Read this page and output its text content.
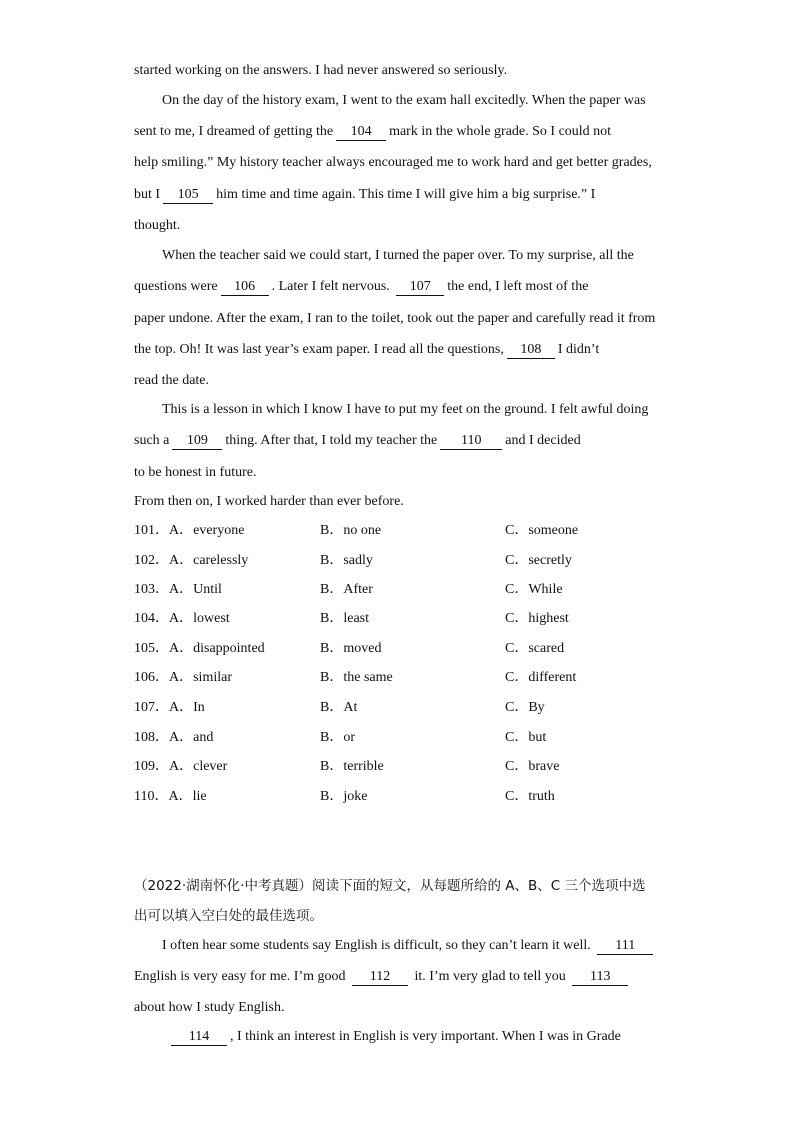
started working on the answers. I had never answered so seriously.
On the day of the history exam, I went to the exam hall excitedly. When the paper was
sent to me, I dreamed of getting the 104 mark in the whole grade. So I could not
help smiling.” My history teacher always encouraged me to work hard and get better grades,
but I 105 him time and time again. This time I will give him a big surprise.” I
thought.
When the teacher said we could start, I turned the paper over. To my surprise, all the
questions were 106 . Later I felt nervous. 107 the end, I left most of the
paper undone. After the exam, I ran to the toilet, took out the paper and carefully read it from
the top. Oh! It was last year’s exam paper. I read all the questions, 108 I didn’t
read the date.
This is a lesson in which I know I have to put my feet on the ground. I felt awful doing
such a 109 thing. After that, I told my teacher the 110 and I decided
to be honest in future.
From then on, I worked harder than ever before.
101．A．everyone	B．no one	C．someone
102．A．carelessly	B．sadly	C．secretly
103．A．Until	B．After	C．While
104．A．lowest	B．least	C．highest
105．A．disappointed	B．moved	C．scared
106．A．similar	B．the same	C．different
107．A．In	B．At	C．By
108．A．and	B．or	C．but
109．A．clever	B．terrible	C．brave
110．A．lie	B．joke	C．truth
（2022·湖南怀化·中考真题）阅读下面的短文，从每题所给的 A、B、C 三个选项中选
出可以填入空白处的最佳选项。
I often hear some students say English is difficult, so they can’t learn it well. 111
English is very easy for me. I’m good 112 it. I’m very glad to tell you 113
about how I study English.
114 , I think an interest in English is very important. When I was in Grade
